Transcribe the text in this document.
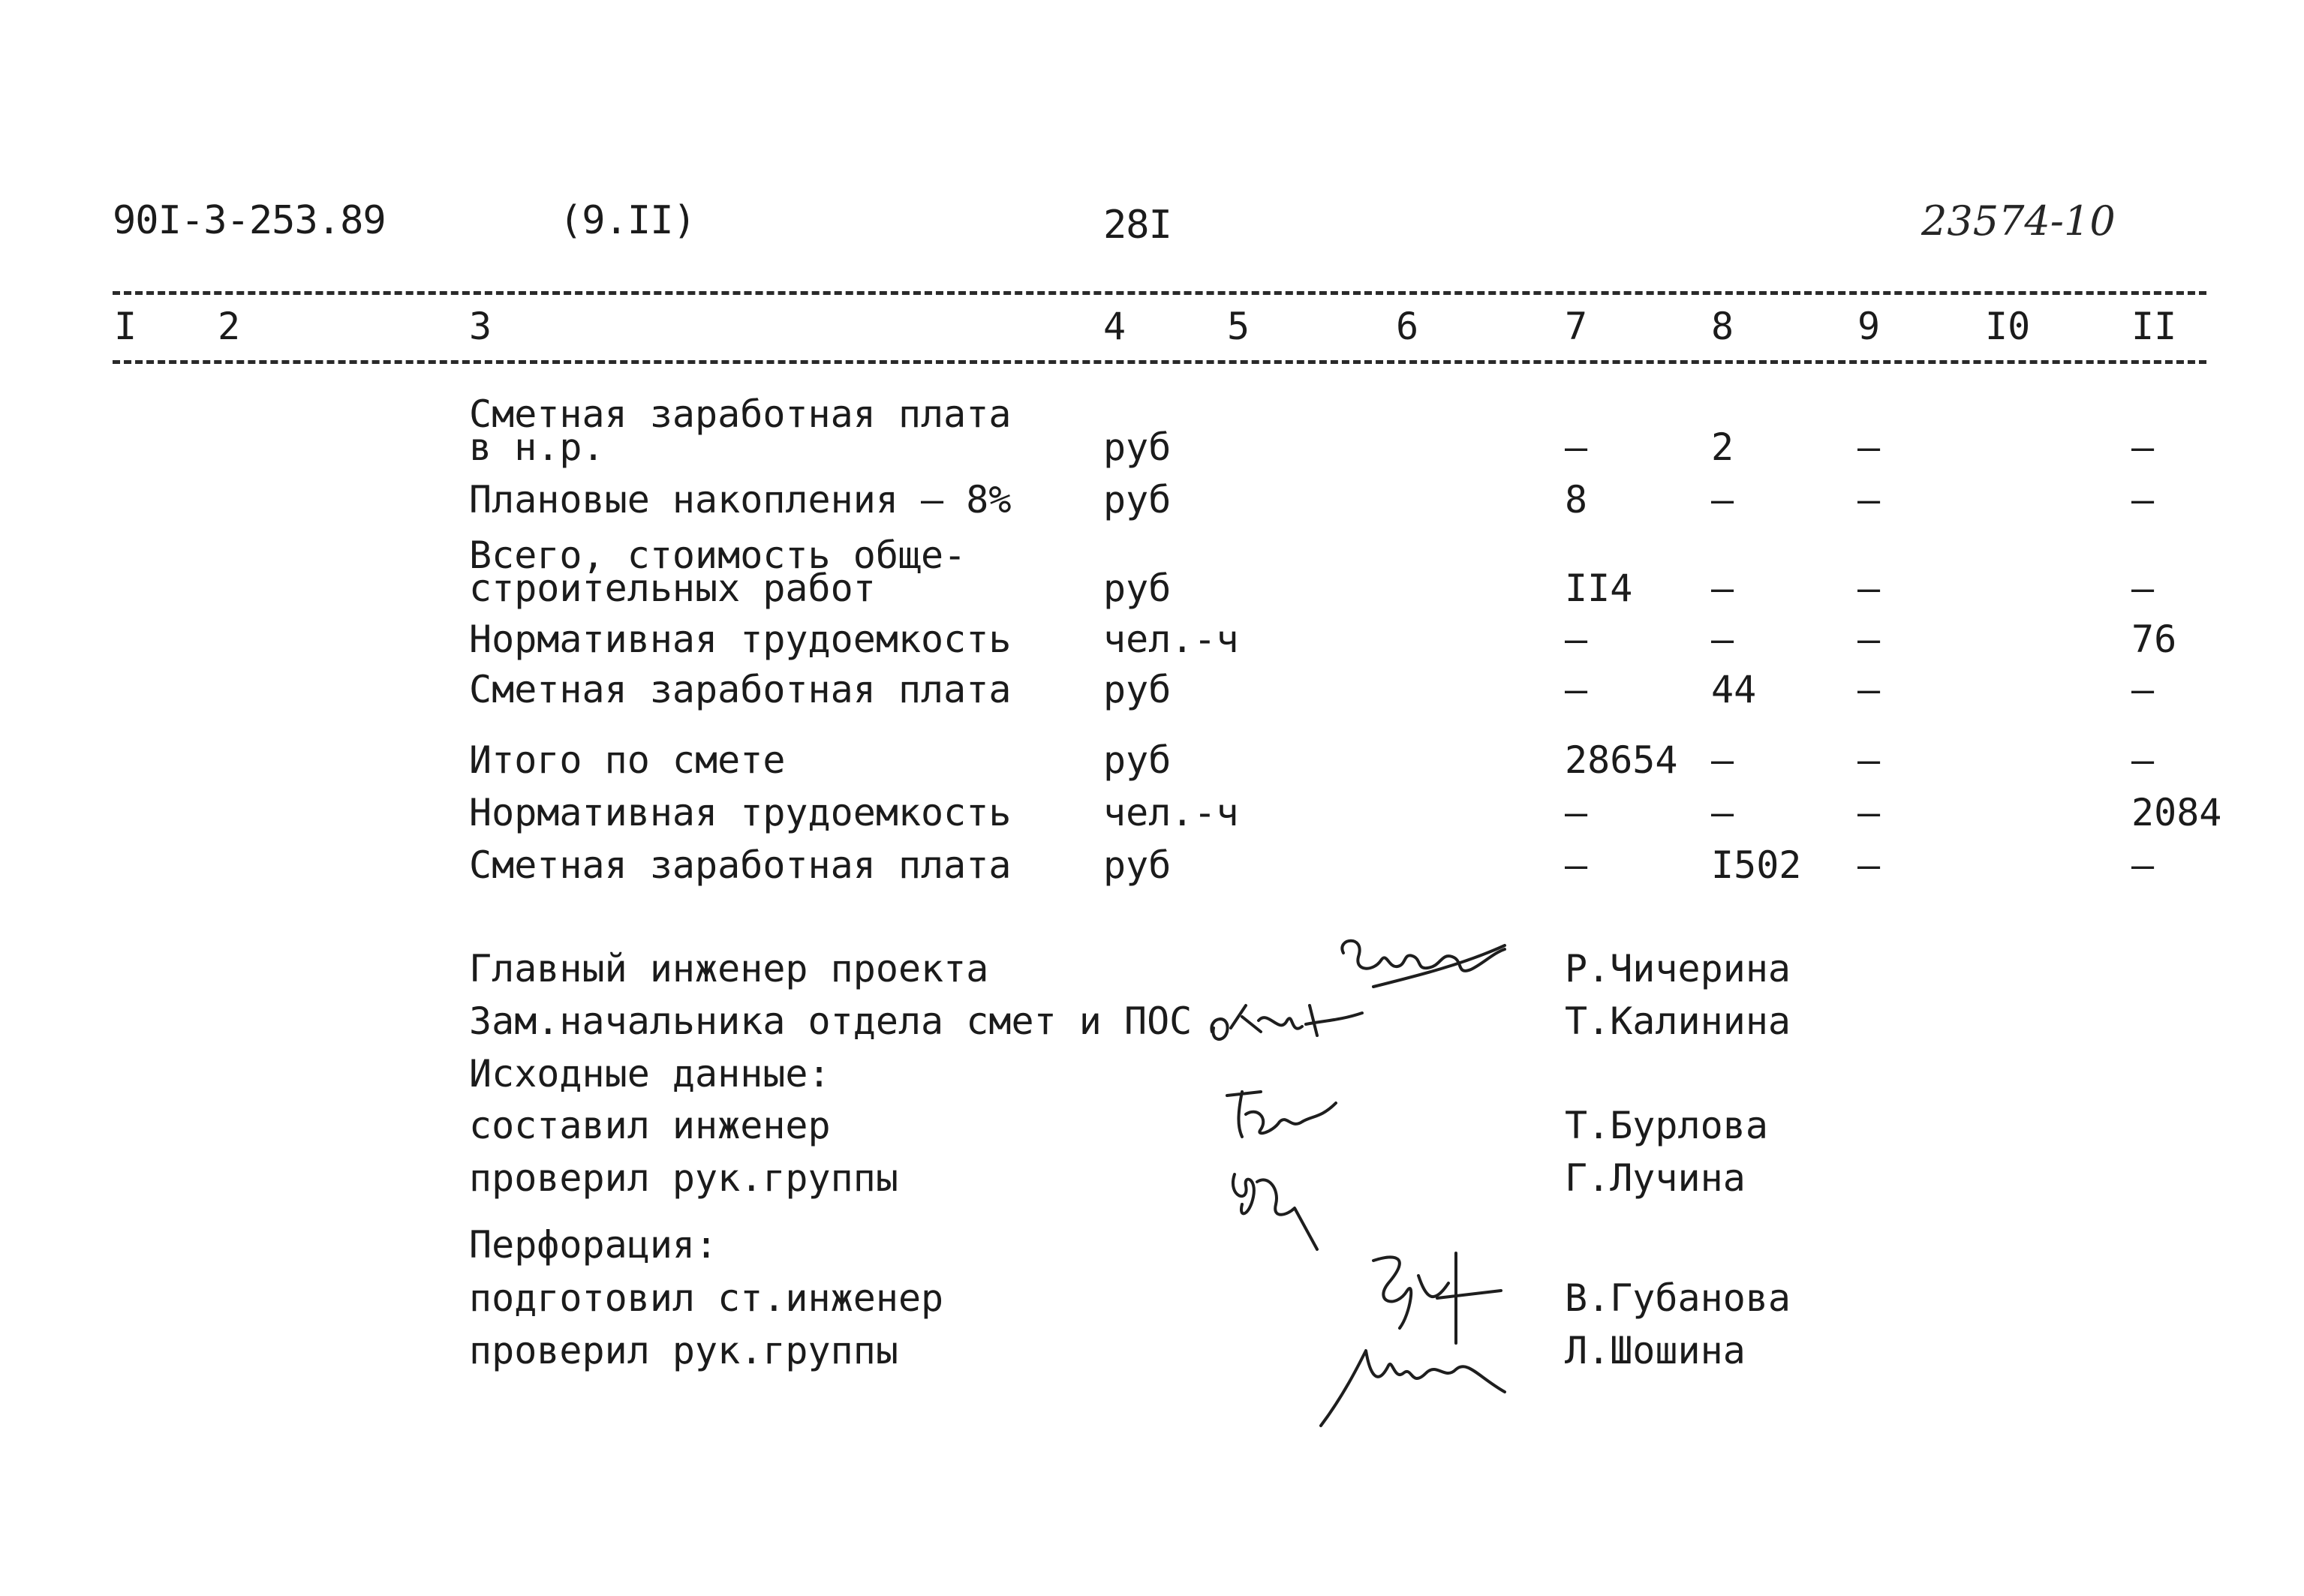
90I-3-253.89	(9.II)	28I	23574-10
I 2	3	4	5	6	7	8	9	I0	II
Сметная заработная плата
в н.р.	руб	–	2	–	–
Плановые накопления – 8% руб	8	–	–	–
Всего, стоимость обще-
строительных работ	руб	II4 –	–	–
Нормативная трудоемкость чел.-ч	–	–	–	76
Сметная заработная плата руб	–	44	–	–
Итого по смете	руб	28654 –	–	–
Нормативная трудоемкость чел.-ч	–	–	–	2084
Сметная заработная плата руб	–	I502 –	–
Главный инженер проекта	Р.Чичерина
Зам.начальника отдела смет и ПОС	Т.Калинина
Исходные данные:
составил инженер	Т.Бурлова
проверил рук.группы	Г.Лучина
Перфорация:
подготовил ст.инженер	В.Губанова
проверил рук.группы	Л.Шошина
